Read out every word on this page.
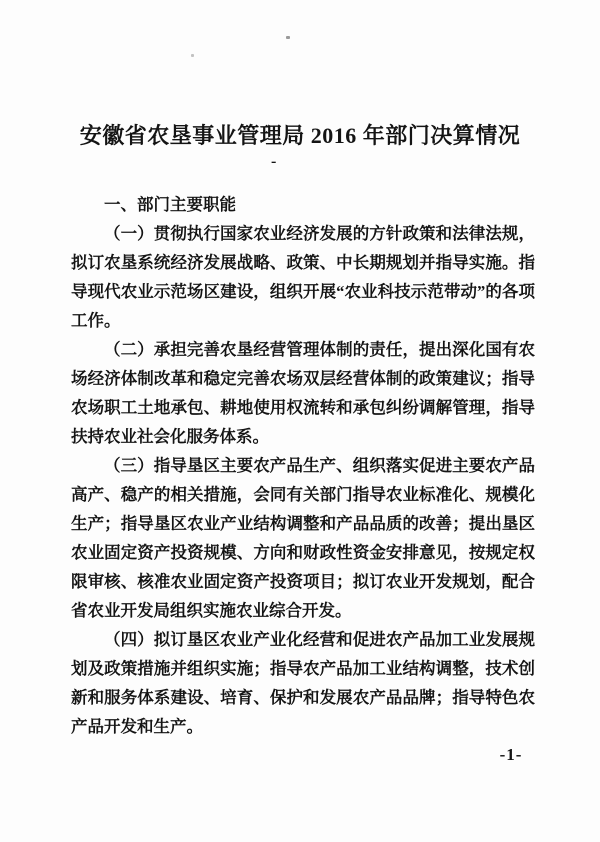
安徽省农垦事业管理局 2016 年部门决算情况
-

一、部门主要职能

（一）贯彻执行国家农业经济发展的方针政策和法律法规，拟订农垦系统经济发展战略、政策、中长期规划并指导实施。指导现代农业示范场区建设，组织开展“农业科技示范带动”的各项工作。

（二）承担完善农垦经营管理体制的责任，提出深化国有农场经济体制改革和稳定完善农场双层经营体制的政策建议；指导农场职工土地承包、耕地使用权流转和承包纠纷调解管理，指导扶持农业社会化服务体系。

（三）指导垦区主要农产品生产、组织落实促进主要农产品高产、稳产的相关措施，会同有关部门指导农业标准化、规模化生产；指导垦区农业产业结构调整和产品品质的改善；提出垦区农业固定资产投资规模、方向和财政性资金安排意见，按规定权限审核、核准农业固定资产投资项目；拟订农业开发规划，配合省农业开发局组织实施农业综合开发。

（四）拟订垦区农业产业化经营和促进农产品加工业发展规划及政策措施并组织实施；指导农产品加工业结构调整，技术创新和服务体系建设、培育、保护和发展农产品品牌；指导特色农产品开发和生产。

-1-
